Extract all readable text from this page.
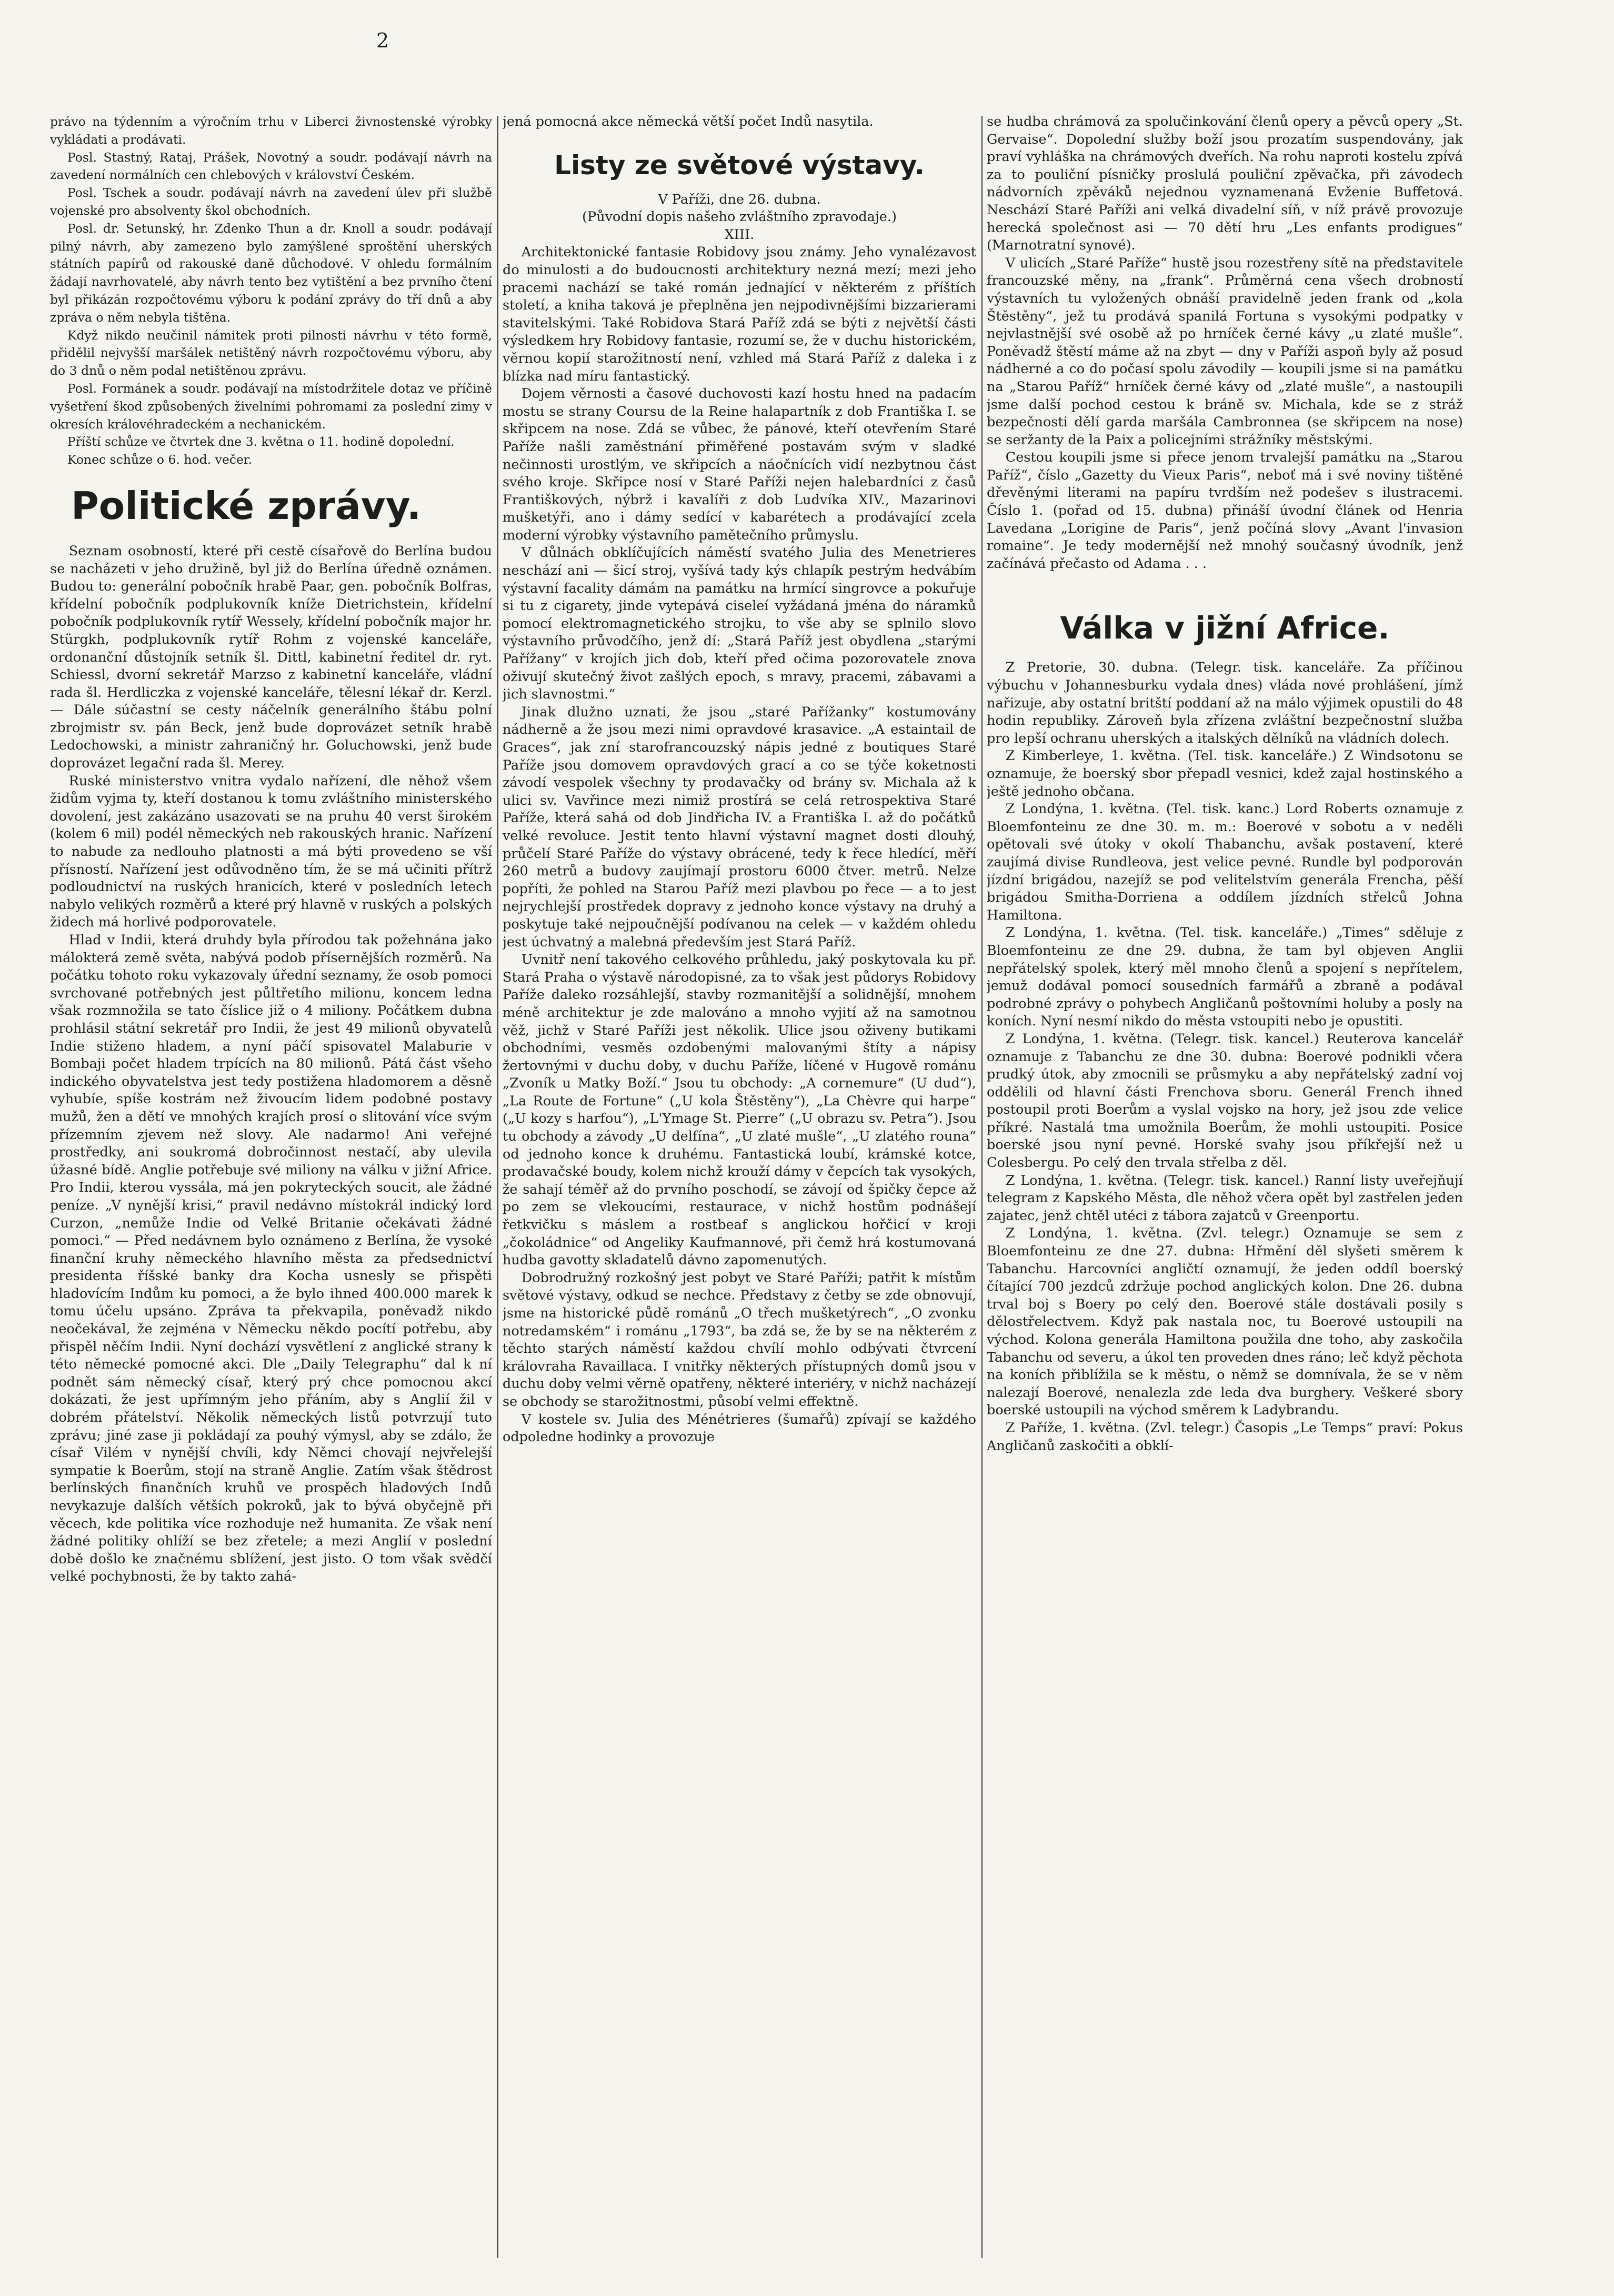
2

právo na týdenním a výročním trhu v Liberci živnostenské výrobky vykládati a prodávati.

Posl. Stastný, Rataj, Prášek, Novotný a soudr. podávají návrh na zavedení normálních cen chlebových v království Českém.

Posl. Tschek a soudr. podávají návrh na zavedení úlev při službě vojenské pro absolventy škol obchodních.

Posl. dr. Setunský, hr. Zdenko Thun a dr. Knoll a soudr. podávají pilný návrh, aby zamezeno bylo zamýšlené sproštění uherských státních papírů od rakouské daně důchodové. V ohledu formálním žádají navrhovatelé, aby návrh tento bez vytištění a bez prvního čtení byl přikázán rozpočtovému výboru k podání zprávy do tří dnů a aby zpráva o něm nebyla tištěna.

Když nikdo neučinil námitek proti pilnosti návrhu v této formě, přidělil nejvyšší maršálek netištěný návrh rozpočtovému výboru, aby do 3 dnů o něm podal netištěnou zprávu.

Posl. Formánek a soudr. podávají na místodržitele dotaz ve příčině vyšetření škod způsobených živelními pohromami za poslední zimy v okresích královéhradeckém a nechanickém.

Příští schůze ve čtvrtek dne 3. května o 11. hodině dopolední.

Konec schůze o 6. hod. večer.

Politické zprávy.

Seznam osobností, které při cestě císařově do Berlína budou se nacházeti v jeho družině, byl již do Berlína úředně oznámen. Budou to: generální pobočník hrabě Paar, gen. pobočník Bolfras, křídelní pobočník podplukovník kníže Dietrichstein, křídelní pobočník podplukovník rytíř Wessely, křídelní pobočník major hr. Stürgkh, podplukovník rytíř Rohm z vojenské kanceláře, ordonanční důstojník setník šl. Dittl, kabinetní ředitel dr. ryt. Schiessl, dvorní sekretář Marzso z kabinetní kanceláře, vládní rada šl. Herdliczka z vojenské kanceláře, tělesní lékař dr. Kerzl. — Dále súčastní se cesty náčelník generálního štábu polní zbrojmistr sv. pán Beck, jenž bude doprovázet setník hrabě Ledochowski, a ministr zahraničný hr. Goluchowski, jenž bude doprovázet legační rada šl. Merey.

Ruské ministerstvo vnitra vydalo nařízení, dle něhož všem židům vyjma ty, kteří dostanou k tomu zvláštního ministerského dovolení, jest zakázáno usazovati se na pruhu 40 verst širokém (kolem 6 mil) podél německých neb rakouských hranic. Nařízení to nabude za nedlouho platnosti a má býti provedeno se vší přísností. Nařízení jest odůvodněno tím, že se má učiniti přítrž podloudnictví na ruských hranicích, které v posledních letech nabylo velikých rozměrů a které prý hlavně v ruských a polských židech má horlivé podporovatele.

Hlad v Indii, která druhdy byla přírodou tak požehnána jako málokterá země světa, nabývá podob přísernějších rozměrů. Na počátku tohoto roku vykazovaly úřední seznamy, že osob pomoci svrchované potřebných jest půltřetího milionu, koncem ledna však rozmnožila se tato číslice již o 4 miliony. Počátkem dubna prohlásil státní sekretář pro Indii, že jest 49 milionů obyvatelů Indie stiženo hladem, a nyní páčí spisovatel Malaburie v Bombaji počet hladem trpících na 80 milionů. Pátá část všeho indického obyvatelstva jest tedy postižena hladomorem a děsně vyhubíe, spíše kostrám než živoucím lidem podobné postavy mužů, žen a dětí ve mnohých krajích prosí o slitování více svým přízemním zjevem než slovy. Ale nadarmo! Ani veřejné prostředky, ani soukromá dobročinnost nestačí, aby ulevila úžasné bídě. Anglie potřebuje své miliony na válku v jižní Africe. Pro Indii, kterou vyssála, má jen pokryteckých soucit, ale žádné peníze. „V nynější krisi,“ pravil nedávno místokrál indický lord Curzon, „nemůže Indie od Velké Britanie očekávati žádné pomoci.“ — Před nedávnem bylo oznámeno z Berlína, že vysoké finanční kruhy německého hlavního města za předsednictví presidenta říšské banky dra Kocha usnesly se přispěti hladovícím Indům ku pomoci, a že bylo ihned 400.000 marek k tomu účelu upsáno. Zpráva ta překvapila, poněvadž nikdo neočekával, že zejména v Německu někdo pocítí potřebu, aby přispěl něčím Indii. Nyní dochází vysvětlení z anglické strany k této německé pomocné akci. Dle „Daily Telegraphu“ dal k ní podnět sám německý císař, který prý chce pomocnou akcí dokázati, že jest upřímným jeho přáním, aby s Anglií žil v dobrém přátelství. Několik německých listů potvrzují tuto zprávu; jiné zase ji pokládají za pouhý výmysl, aby se zdálo, že císař Vilém v nynější chvíli, kdy Němci chovají nejvřelejší sympatie k Boerům, stojí na straně Anglie. Zatím však štědrost berlínských finančních kruhů ve prospěch hladových Indů nevykazuje dalších větších pokroků, jak to bývá obyčejně při věcech, kde politika více rozhoduje než humanita. Ze však není žádné politiky ohlíží se bez zřetele; a mezi Anglií v poslední době došlo ke značnému sblížení, jest jisto. O tom však svědčí velké pochybnosti, že by takto zahá-

jená pomocná akce německá větší počet Indů nasytila.

Listy ze světové výstavy.

V Paříži, dne 26. dubna.

(Původní dopis našeho zvláštního zpravodaje.)

XIII.

Architektonické fantasie Robidovy jsou známy. Jeho vynalézavost do minulosti a do budoucnosti architektury nezná mezí; mezi jeho pracemi nachází se také román jednající v některém z příštích století, a kniha taková je přeplněna jen nejpodivnějšími bizzarierami stavitelskými. Také Robidova Stará Paříž zdá se býti z největší části výsledkem hry Robidovy fantasie, rozumí se, že v duchu historickém, věrnou kopií starožitností není, vzhled má Stará Paříž z daleka i z blízka nad míru fantastický.

Dojem věrnosti a časové duchovosti kazí hostu hned na padacím mostu se strany Coursu de la Reine halapartník z dob Františka I. se skřipcem na nose. Zdá se vůbec, že pánové, kteří otevřením Staré Paříže našli zaměstnání přiměřené postavám svým v sladké nečinnosti urostlým, ve skřipcích a náočnících vidí nezbytnou část svého kroje. Skřipce nosí v Staré Paříži nejen halebardníci z časů Františkových, nýbrž i kavalíři z dob Ludvíka XIV., Mazarinovi mušketýři, ano i dámy sedící v kabarétech a prodávající zcela moderní výrobky výstavního pamětečního průmyslu.

V důlnách obklíčujících náměstí svatého Julia des Menetrieres neschází ani — šicí stroj, vyšívá tady kýs chlapík pestrým hedvábím výstavní facality dámám na památku na hrmící singrovce a pokuřuje si tu z cigarety, jinde vytepává ciseleí vyžádaná jména do náramků pomocí elektromagnetického strojku, to vše aby se splnilo slovo výstavního průvodčího, jenž dí: „Stará Paříž jest obydlena „starými Pařížany“ v krojích jich dob, kteří před očima pozorovatele znova oživují skutečný život zašlých epoch, s mravy, pracemi, zábavami a jich slavnostmi.“

Jinak dlužno uznati, že jsou „staré Pařížanky“ kostumovány nádherně a že jsou mezi nimi opravdové krasavice. „A estaintail de Graces“, jak zní starofrancouzský nápis jedné z boutiques Staré Paříže jsou domovem opravdových grací a co se týče koketnosti závodí vespolek všechny ty prodavačky od brány sv. Michala až k ulici sv. Vavřince mezi nimiž prostírá se celá retrospektiva Staré Paříže, která sahá od dob Jindřicha IV. a Františka I. až do počátků velké revoluce. Jestit tento hlavní výstavní magnet dosti dlouhý, průčelí Staré Paříže do výstavy obrácené, tedy k řece hledící, měří 260 metrů a budovy zaujímají prostoru 6000 čtver. metrů. Nelze popříti, že pohled na Starou Paříž mezi plavbou po řece — a to jest nejrychlejší prostředek dopravy z jednoho konce výstavy na druhý a poskytuje také nejpoučnější podívanou na celek — v každém ohledu jest úchvatný a malebná především jest Stará Paříž.

Uvnitř není takového celkového průhledu, jaký poskytovala ku př. Stará Praha o výstavě národopisné, za to však jest půdorys Robidovy Paříže daleko rozsáhlejší, stavby rozmanitější a solidnější, mnohem méně architektur je zde malováno a mnoho vyjití až na samotnou věž, jichž v Staré Paříži jest několik. Ulice jsou oživeny butikami obchodními, vesměs ozdobenými malovanými štíty a nápisy žertovnými v duchu doby, v duchu Paříže, líčené v Hugově románu „Zvoník u Matky Boží.“ Jsou tu obchody: „A cornemure“ (U dud“), „La Route de Fortune“ („U kola Štěstěny“), „La Chèvre qui harpe“ („U kozy s harfou“), „L'Ymage St. Pierre“ („U obrazu sv. Petra“). Jsou tu obchody a závody „U delfína“, „U zlaté mušle“, „U zlatého rouna“ od jednoho konce k druhému. Fantastická loubí, krámské kotce, prodavačské boudy, kolem nichž krouží dámy v čepcích tak vysokých, že sahají téměř až do prvního poschodí, se závojí od špičky čepce až po zem se vlekoucími, restaurace, v nichž hostům podnášejí řetkvičku s máslem a rostbeaf s anglickou hořčicí v kroji „čokoládnice“ od Angeliky Kaufmannové, při čemž hrá kostumovaná hudba gavotty skladatelů dávno zapomenutých.

Dobrodružný rozkošný jest pobyt ve Staré Paříži; patřit k místům světové výstavy, odkud se nechce. Představy z četby se zde obnovují, jsme na historické půdě románů „O třech mušketýrech“, „O zvonku notredamském“ i románu „1793“, ba zdá se, že by se na některém z těchto starých náměstí každou chvílí mohlo odbývati čtvrcení královraha Ravaillaca. I vnitřky některých přístupných domů jsou v duchu doby velmi věrně opatřeny, některé interiéry, v nichž nacházejí se obchody se starožitnostmi, působí velmi effektně.

V kostele sv. Julia des Ménétrieres (šumařů) zpívají se každého odpoledne hodinky a provozuje

se hudba chrámová za spolučinkování členů opery a pěvců opery „St. Gervaise“. Dopolední služby boží jsou prozatím suspendovány, jak praví vyhláška na chrámových dveřích. Na rohu naproti kostelu zpívá za to pouliční písničky proslulá pouliční zpěvačka, při závodech nádvorních zpěváků nejednou vyznamenaná Evženie Buffetová. Neschází Staré Paříži ani velká divadelní síň, v níž právě provozuje herecká společnost asi — 70 dětí hru „Les enfants prodigues“ (Marnotratní synové).

V ulicích „Staré Paříže“ hustě jsou rozestřeny sítě na představitele francouzské měny, na „frank“. Průměrná cena všech drobností výstavních tu vyložených obnáší pravidelně jeden frank od „kola Štěstěny“, jež tu prodává spanilá Fortuna s vysokými podpatky v nejvlastnější své osobě až po hrníček černé kávy „u zlaté mušle“. Poněvadž štěstí máme až na zbyt — dny v Paříži aspoň byly až posud nádherné a co do počasí spolu závodily — koupili jsme si na památku na „Starou Paříž“ hrníček černé kávy od „zlaté mušle“, a nastoupili jsme další pochod cestou k bráně sv. Michala, kde se z stráž bezpečnosti dělí garda maršála Cambronnea (se skřipcem na nose) se seržanty de la Paix a policejními strážníky městskými.

Cestou koupili jsme si přece jenom trvalejší památku na „Starou Paříž“, číslo „Gazetty du Vieux Paris“, neboť má i své noviny tištěné dřevěnými literami na papíru tvrdším než podešev s ilustracemi. Číslo 1. (pořad od 15. dubna) přináší úvodní článek od Henria Lavedana „Lorigine de Paris“, jenž počíná slovy „Avant l'invasion romaine“. Je tedy modernější než mnohý současný úvodník, jenž začínává přečasto od Adama . . .

Válka v jižní Africe.

Z Pretorie, 30. dubna. (Telegr. tisk. kanceláře. Za příčinou výbuchu v Johannesburku vydala dnes) vláda nové prohlášení, jímž nařizuje, aby ostatní britští poddaní až na málo výjimek opustili do 48 hodin republiky. Zároveň byla zřízena zvláštní bezpečnostní služba pro lepší ochranu uherských a italských dělníků na vládních dolech.

Z Kimberleye, 1. května. (Tel. tisk. kanceláře.) Z Windsotonu se oznamuje, že boerský sbor přepadl vesnici, kdež zajal hostinského a ještě jednoho občana.

Z Londýna, 1. května. (Tel. tisk. kanc.) Lord Roberts oznamuje z Bloemfonteinu ze dne 30. m. m.: Boerové v sobotu a v neděli opětovali své útoky v okolí Thabanchu, avšak postavení, které zaujímá divise Rundleova, jest velice pevné. Rundle byl podporován jízdní brigádou, nazejíž se pod velitelstvím generála Frencha, pěší brigádou Smitha-Dorriena a oddílem jízdních střelců Johna Hamiltona.

Z Londýna, 1. května. (Tel. tisk. kanceláře.) „Times“ sděluje z Bloemfonteinu ze dne 29. dubna, že tam byl objeven Anglii nepřátelský spolek, který měl mnoho členů a spojení s nepřítelem, jemuž dodával pomocí sousedních farmářů a zbraně a podával podrobné zprávy o pohybech Angličanů poštovními holuby a posly na koních. Nyní nesmí nikdo do města vstoupiti nebo je opustiti.

Z Londýna, 1. května. (Telegr. tisk. kancel.) Reuterova kancelář oznamuje z Tabanchu ze dne 30. dubna: Boerové podnikli včera prudký útok, aby zmocnili se průsmyku a aby nepřátelský zadní voj oddělili od hlavní části Frenchova sboru. Generál French ihned postoupil proti Boerům a vyslal vojsko na hory, jež jsou zde velice příkré. Nastalá tma umožnila Boerům, že mohli ustoupiti. Posice boerské jsou nyní pevné. Horské svahy jsou příkřejší než u Colesbergu. Po celý den trvala střelba z děl.

Z Londýna, 1. května. (Telegr. tisk. kancel.) Ranní listy uveřejňují telegram z Kapského Města, dle něhož včera opět byl zastřelen jeden zajatec, jenž chtěl utéci z tábora zajatců v Greenportu.

Z Londýna, 1. května. (Zvl. telegr.) Oznamuje se sem z Bloemfonteinu ze dne 27. dubna: Hřmění děl slyšeti směrem k Tabanchu. Harcovníci angličtí oznamují, že jeden oddíl boerský čítající 700 jezdců zdržuje pochod anglických kolon. Dne 26. dubna trval boj s Boery po celý den. Boerové stále dostávali posily s dělostřelectvem. Když pak nastala noc, tu Boerové ustoupili na východ. Kolona generála Hamiltona použila dne toho, aby zaskočila Tabanchu od severu, a úkol ten proveden dnes ráno; leč když pěchota na koních přiblížila se k městu, o němž se domnívala, že se v něm nalezají Boerové, nenalezla zde leda dva burghery. Veškeré sbory boerské ustoupili na východ směrem k Ladybrandu.

Z Paříže, 1. května. (Zvl. telegr.) Časopis „Le Temps“ praví: Pokus Angličanů zaskočiti a obklí-
